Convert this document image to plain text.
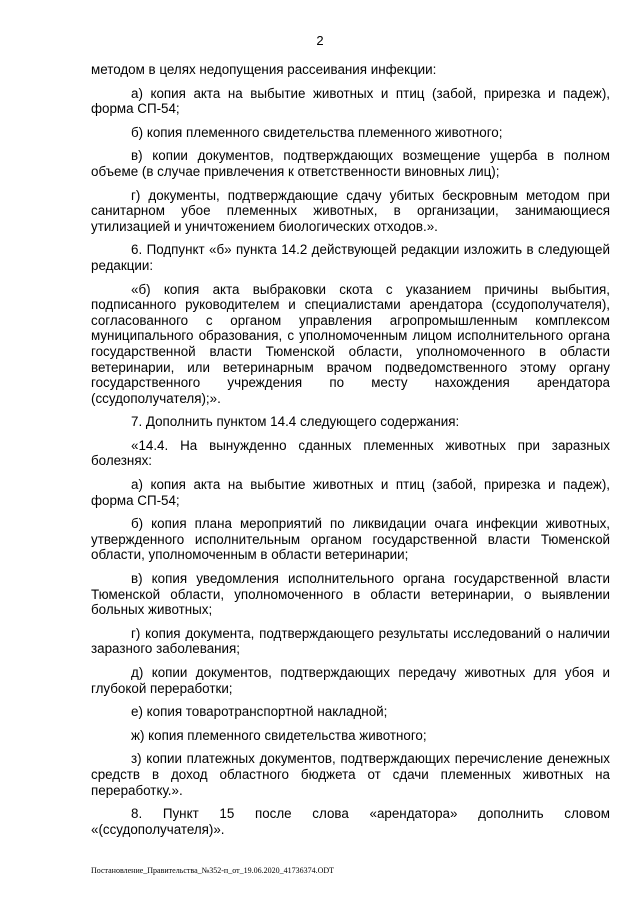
2

методом в целях недопущения рассеивания инфекции:

а) копия акта на выбытие животных и птиц (забой, прирезка и падеж), форма СП-54;

б) копия племенного свидетельства племенного животного;

в) копии документов, подтверждающих возмещение ущерба в полном объеме (в случае привлечения к ответственности виновных лиц);

г) документы, подтверждающие сдачу убитых бескровным методом при санитарном убое племенных животных, в организации, занимающиеся утилизацией и уничтожением биологических отходов.».

6. Подпункт «б» пункта 14.2 действующей редакции изложить в следующей редакции:

«б) копия акта выбраковки скота с указанием причины выбытия, подписанного руководителем и специалистами арендатора (ссудополучателя), согласованного с органом управления агропромышленным комплексом муниципального образования, с уполномоченным лицом исполнительного органа государственной власти Тюменской области, уполномоченного в области ветеринарии, или ветеринарным врачом подведомственного этому органу государственного учреждения по месту нахождения арендатора (ссудополучателя);».

7. Дополнить пунктом 14.4 следующего содержания:

«14.4. На вынужденно сданных племенных животных при заразных болезнях:

а) копия акта на выбытие животных и птиц (забой, прирезка и падеж), форма СП-54;

б) копия плана мероприятий по ликвидации очага инфекции животных, утвержденного исполнительным органом государственной власти Тюменской области, уполномоченным в области ветеринарии;

в) копия уведомления исполнительного органа государственной власти Тюменской области, уполномоченного в области ветеринарии, о выявлении больных животных;

г) копия документа, подтверждающего результаты исследований о наличии заразного заболевания;

д) копии документов, подтверждающих передачу животных для убоя и глубокой переработки;

е) копия товаротранспортной накладной;

ж) копия племенного свидетельства животного;

з) копии платежных документов, подтверждающих перечисление денежных средств в доход областного бюджета от сдачи племенных животных на переработку.».

8. Пункт 15 после слова «арендатора» дополнить словом «(ссудополучателя)».

Постановление_Правительства_№352-п_от_19.06.2020_41736374.ODT
